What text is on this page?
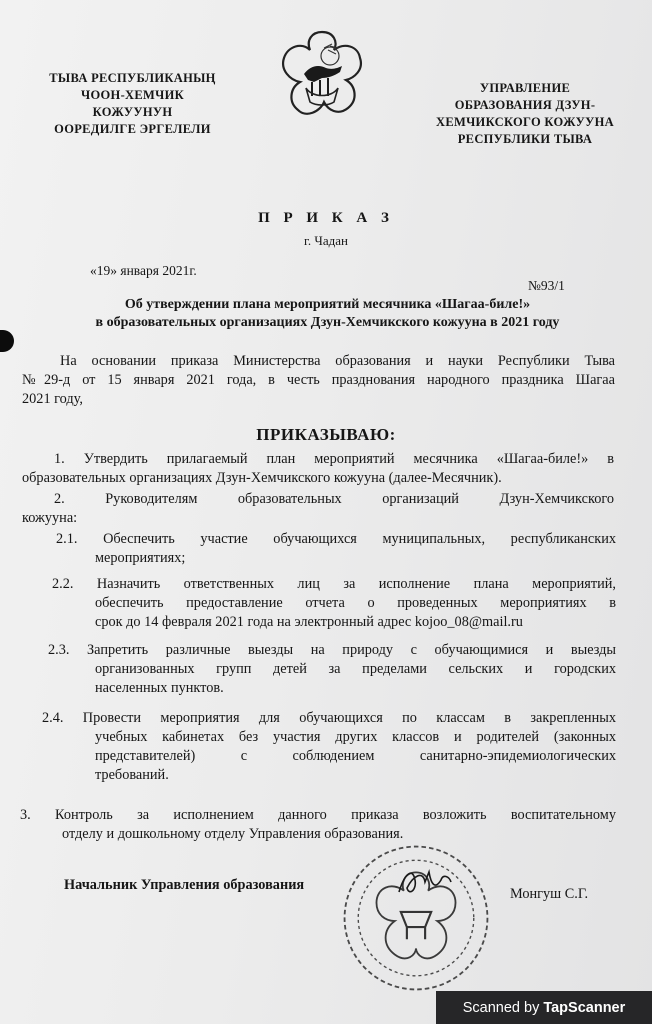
ТЫВА РЕСПУБЛИКАНЫҢ
ЧООН-ХЕМЧИК
КОЖУУНУН
ООРЕДИЛГЕ ЭРГЕЛЕЛИ
УПРАВЛЕНИЕ
ОБРАЗОВАНИЯ ДЗУН-
ХЕМЧИКСКОГО КОЖУУНА
РЕСПУБЛИКИ ТЫВА
П Р И К А З
г. Чадан
«19» января 2021г.
№93/1
Об утверждении плана мероприятий месячника «Шагаа-биле!»
в образовательных организациях Дзун-Хемчикского кожууна в 2021 году
На основании приказа Министерства образования и науки Республики Тыва
№29-д от 15 января 2021 года, в честь празднования народного праздника Шагаа
2021 году,
ПРИКАЗЫВАЮ:
1. Утвердить прилагаемый план мероприятий месячника «Шагаа-биле!» в
образовательных организациях Дзун-Хемчикского кожууна (далее-Месячник).
2. Руководителям образовательных организаций Дзун-Хемчикского
кожууна:
2.1. Обеспечить участие обучающихся муниципальных, республиканских
мероприятиях;
2.2. Назначить ответственных лиц за исполнение плана мероприятий,
обеспечить предоставление отчета о проведенных мероприятиях в
срок до 14 февраля 2021 года на электронный адрес kojoo_08@mail.ru
2.3. Запретить различные выезды на природу с обучающимися и выезды
организованных групп детей за пределами сельских и городских
населенных пунктов.
2.4. Провести мероприятия для обучающихся по классам в закрепленных
учебных кабинетах без участия других классов и родителей (законных
представителей) с соблюдением санитарно-эпидемиологических
требований.
3. Контроль за исполнением данного приказа возложить воспитательному
отделу и дошкольному отделу Управления образования.
Начальник Управления образования
Монгуш С.Г.
Scanned by TapScanner
